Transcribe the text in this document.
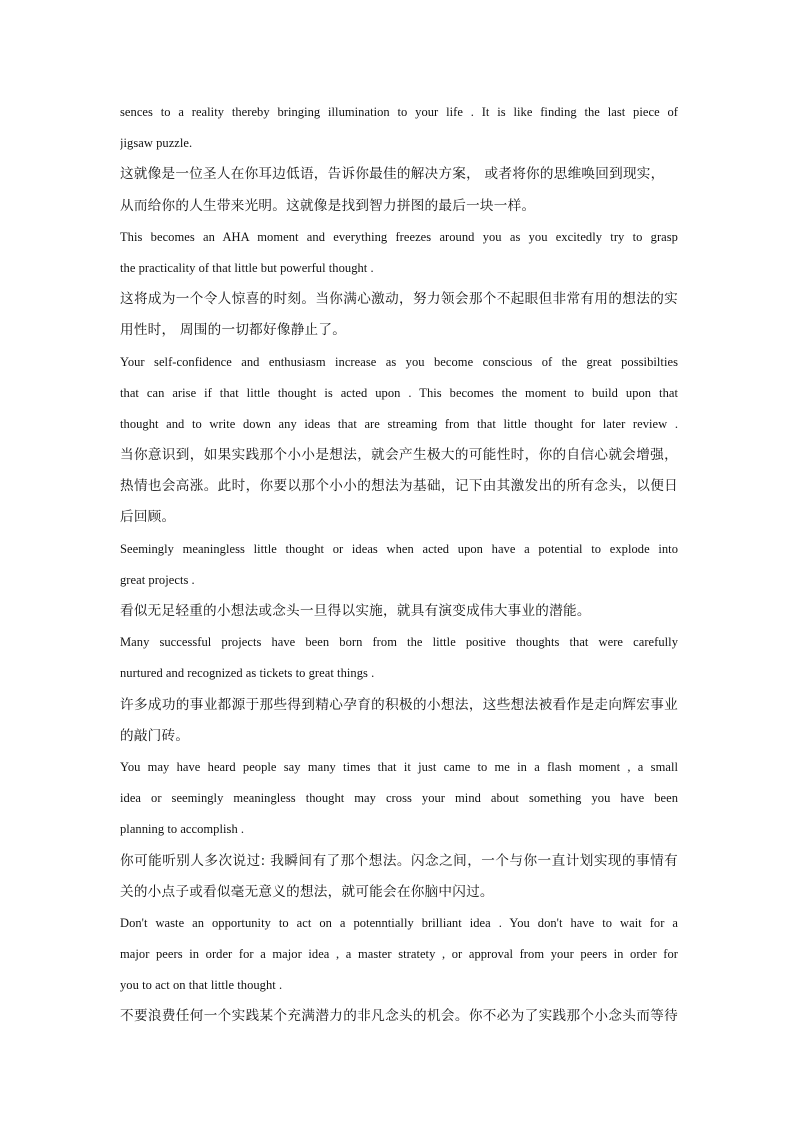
sences to a reality thereby bringing illumination to your life . It is like finding the last piece of
jigsaw puzzle.
这就像是一位圣人在你耳边低语，告诉你最佳的解决方案， 或者将你的思维唤回到现实，
从而给你的人生带来光明。这就像是找到智力拼图的最后一块一样。
This becomes an AHA moment and everything freezes around you as you excitedly try to grasp
the practicality of that little but powerful thought .
这将成为一个令人惊喜的时刻。当你满心激动，努力领会那个不起眼但非常有用的想法的实
用性时， 周围的一切都好像静止了。
Your self-confidence and enthusiasm increase as you become conscious of the great possibilties
that can arise if that little thought is acted upon . This becomes the moment to build upon that
thought and to write down any ideas that are streaming from that little thought for later review .
当你意识到，如果实践那个小小是想法，就会产生极大的可能性时，你的自信心就会增强，
热情也会高涨。此时，你要以那个小小的想法为基础，记下由其激发出的所有念头，以便日
后回顾。
Seemingly meaningless little thought or ideas when acted upon have a potential to explode into
great projects .
看似无足轻重的小想法或念头一旦得以实施，就具有演变成伟大事业的潜能。
Many successful projects have been born from the little positive thoughts that were carefully
nurtured and recognized as tickets to great things .
许多成功的事业都源于那些得到精心孕育的积极的小想法，这些想法被看作是走向辉宏事业
的敲门砖。
You may have heard people say many times that it just came to me in a flash moment , a small
idea or seemingly meaningless thought may cross your mind about something you have been
planning to accomplish .
你可能听别人多次说过: 我瞬间有了那个想法。闪念之间，一个与你一直计划实现的事情有
关的小点子或看似毫无意义的想法，就可能会在你脑中闪过。
Don't waste an opportunity to act on a potenntially brilliant idea . You don't have to wait for a
major peers in order for a major idea , a master stratety , or approval from your peers in order for
you to act on that little thought .
不要浪费任何一个实践某个充满潜力的非凡念头的机会。你不必为了实践那个小念头而等待
